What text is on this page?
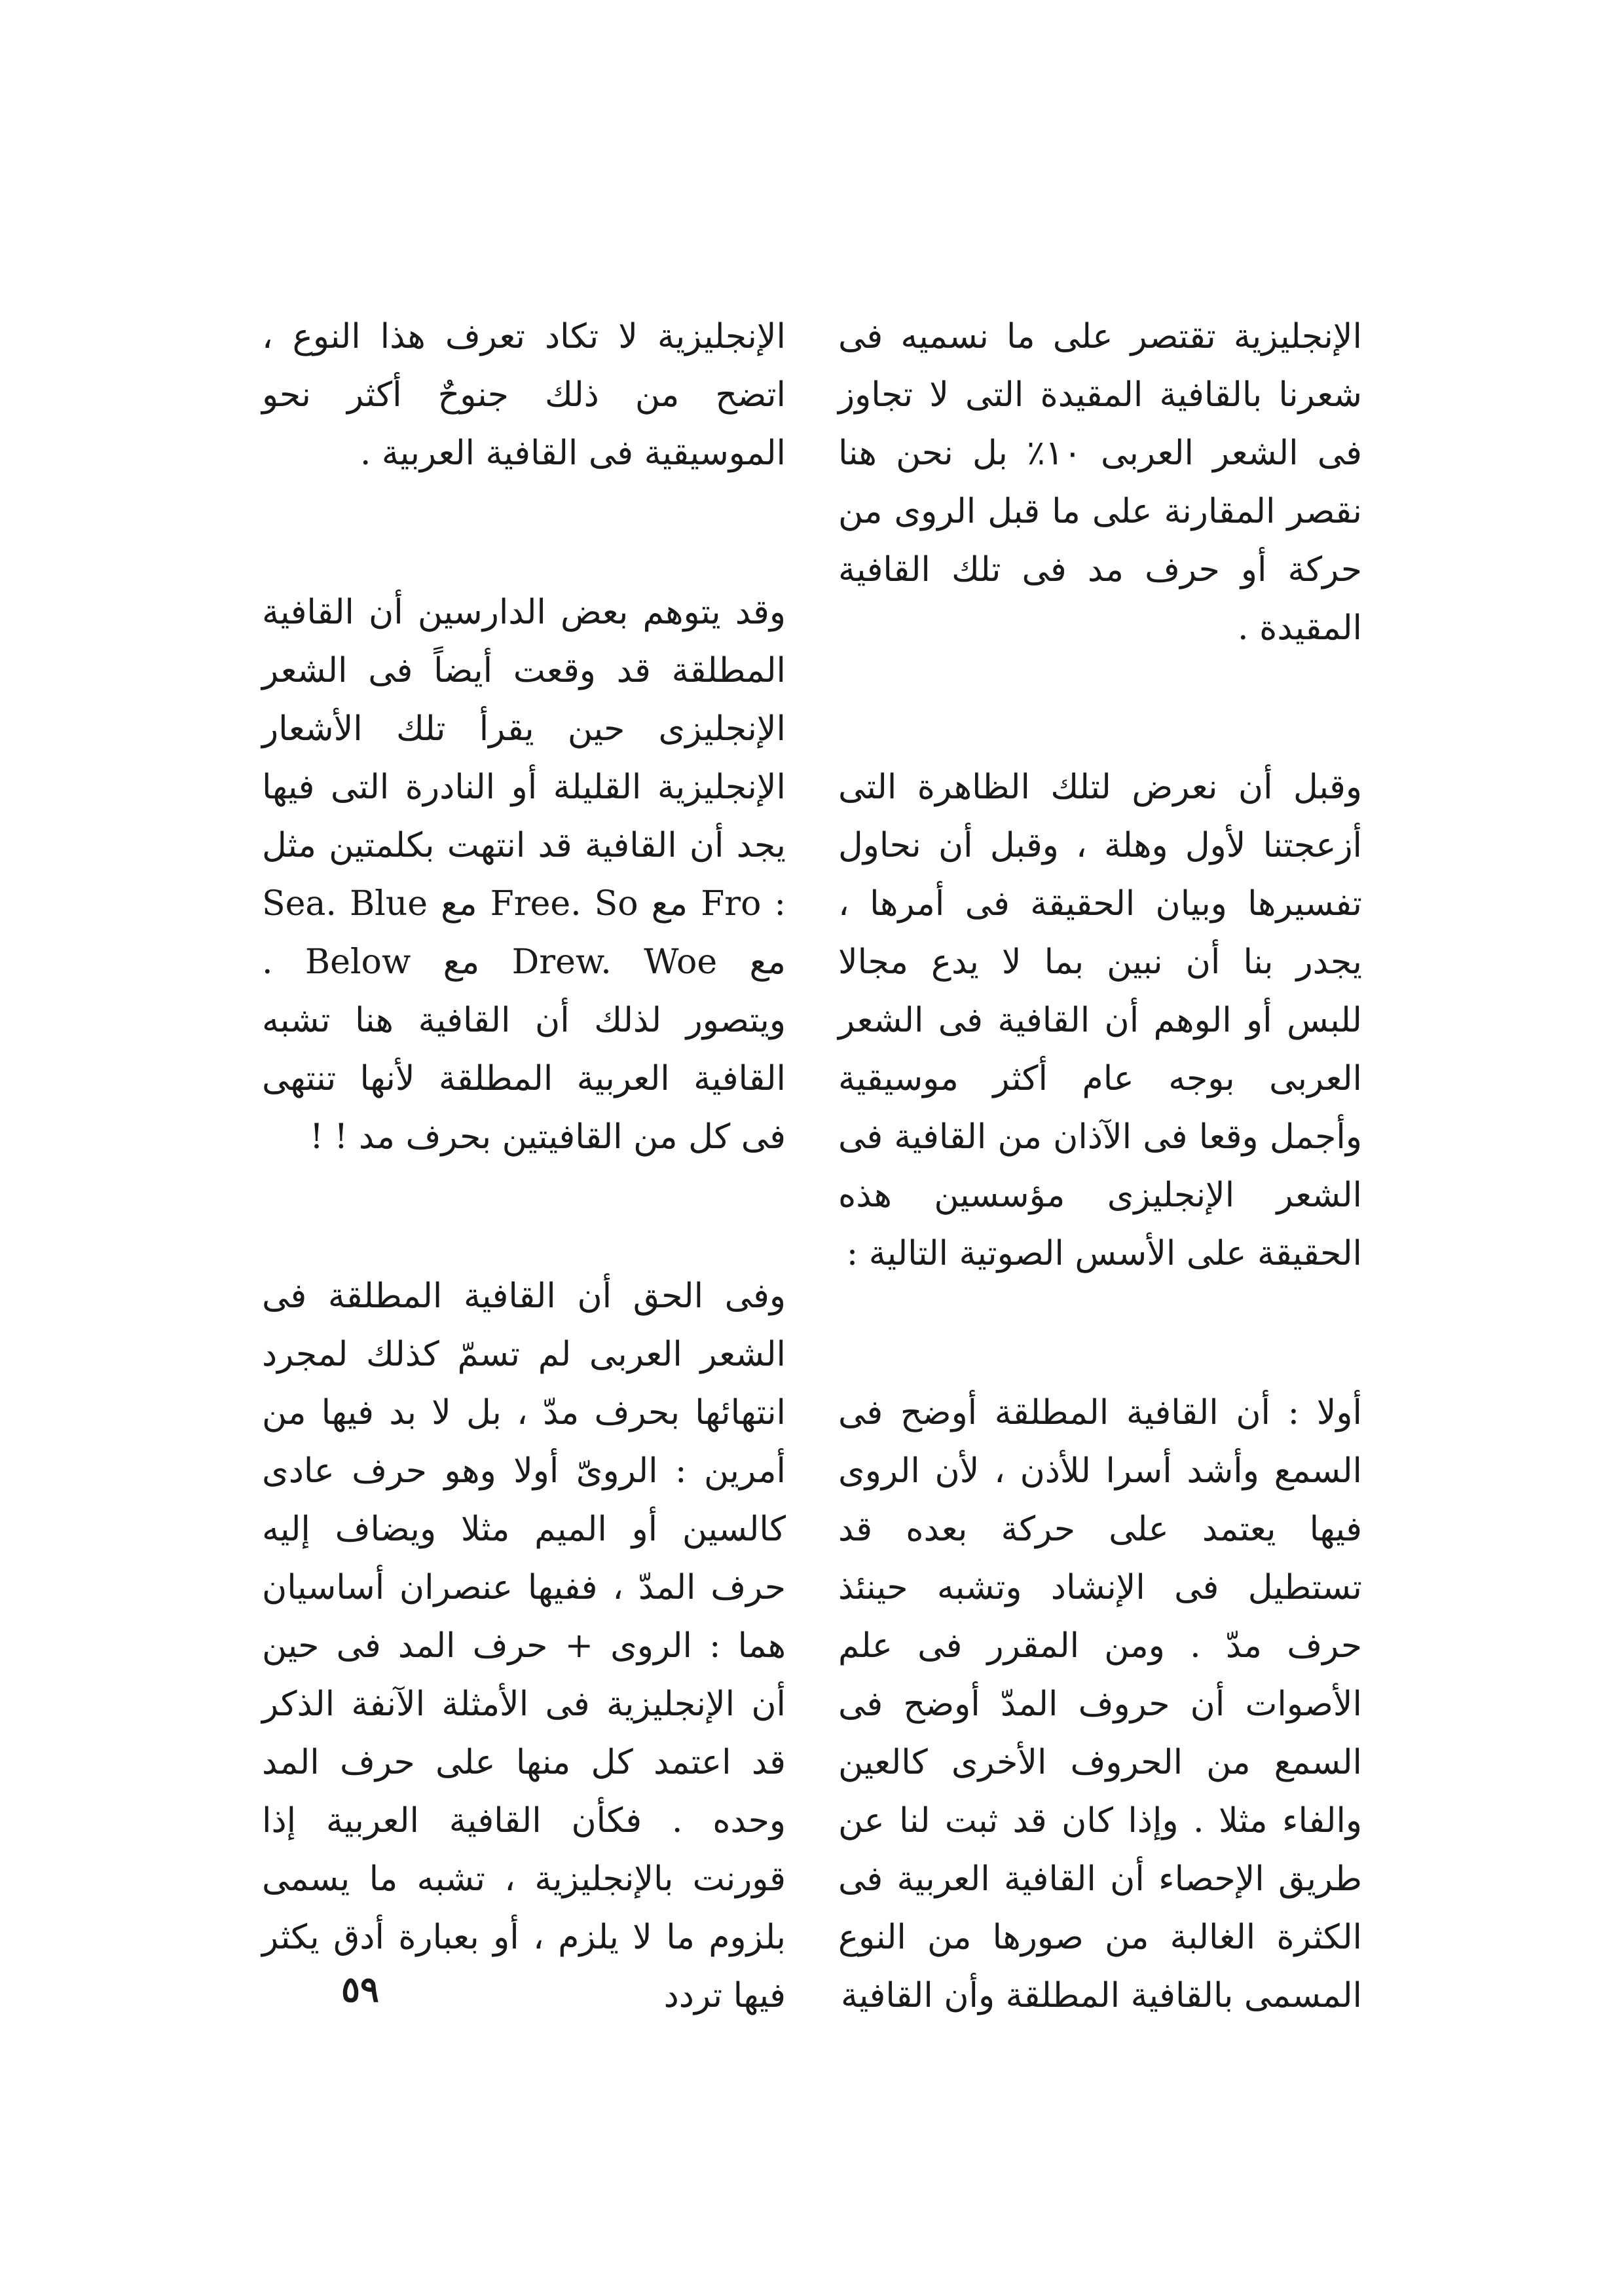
الإنجليزية تقتصر على ما نسميه فى شعرنا بالقافية المقيدة التى لا تجاوز فى الشعر العربى ١٠٪ بل نحن هنا نقصر المقارنة على ما قبل الروى من حركة أو حرف مد فى تلك القافية المقيدة .

وقبل أن نعرض لتلك الظاهرة التى أزعجتنا لأول وهلة ، وقبل أن نحاول تفسيرها وبيان الحقيقة فى أمرها ، يجدر بنا أن نبين بما لا يدع مجالا للبس أو الوهم أن القافية فى الشعر العربى بوجه عام أكثر موسيقية وأجمل وقعا فى الآذان من القافية فى الشعر الإنجليزى مؤسسين هذه الحقيقة على الأسس الصوتية التالية :

أولا : أن القافية المطلقة أوضح فى السمع وأشد أسرا للأذن ، لأن الروى فيها يعتمد على حركة بعده قد تستطيل فى الإنشاد وتشبه حينئذ حرف مدّ . ومن المقرر فى علم الأصوات أن حروف المدّ أوضح فى السمع من الحروف الأخرى كالعين والفاء مثلا . وإذا كان قد ثبت لنا عن طريق الإحصاء أن القافية العربية فى الكثرة الغالبة من صورها من النوع المسمى بالقافية المطلقة وأن القافية

الإنجليزية لا تكاد تعرف هذا النوع ، اتضح من ذلك جنوحٌ أكثر نحو الموسيقية فى القافية العربية .

وقد يتوهم بعض الدارسين أن القافية المطلقة قد وقعت أيضاً فى الشعر الإنجليزى حين يقرأ تلك الأشعار الإنجليزية القليلة أو النادرة التى فيها يجد أن القافية قد انتهت بكلمتين مثل : Fro مع Free. So مع Sea. Blue مع Drew. Woe مع Below . ويتصور لذلك أن القافية هنا تشبه القافية العربية المطلقة لأنها تنتهى فى كل من القافيتين بحرف مد ! !

وفى الحق أن القافية المطلقة فى الشعر العربى لم تسمّ كذلك لمجرد انتهائها بحرف مدّ ، بل لا بد فيها من أمرين : الروىّ أولا وهو حرف عادى كالسين أو الميم مثلا ويضاف إليه حرف المدّ ، ففيها عنصران أساسيان هما : الروى + حرف المد فى حين أن الإنجليزية فى الأمثلة الآنفة الذكر قد اعتمد كل منها على حرف المد وحده . فكأن القافية العربية إذا قورنت بالإنجليزية ، تشبه ما يسمى بلزوم ما لا يلزم ، أو بعبارة أدق يكثر فيها تردد

٥٩
